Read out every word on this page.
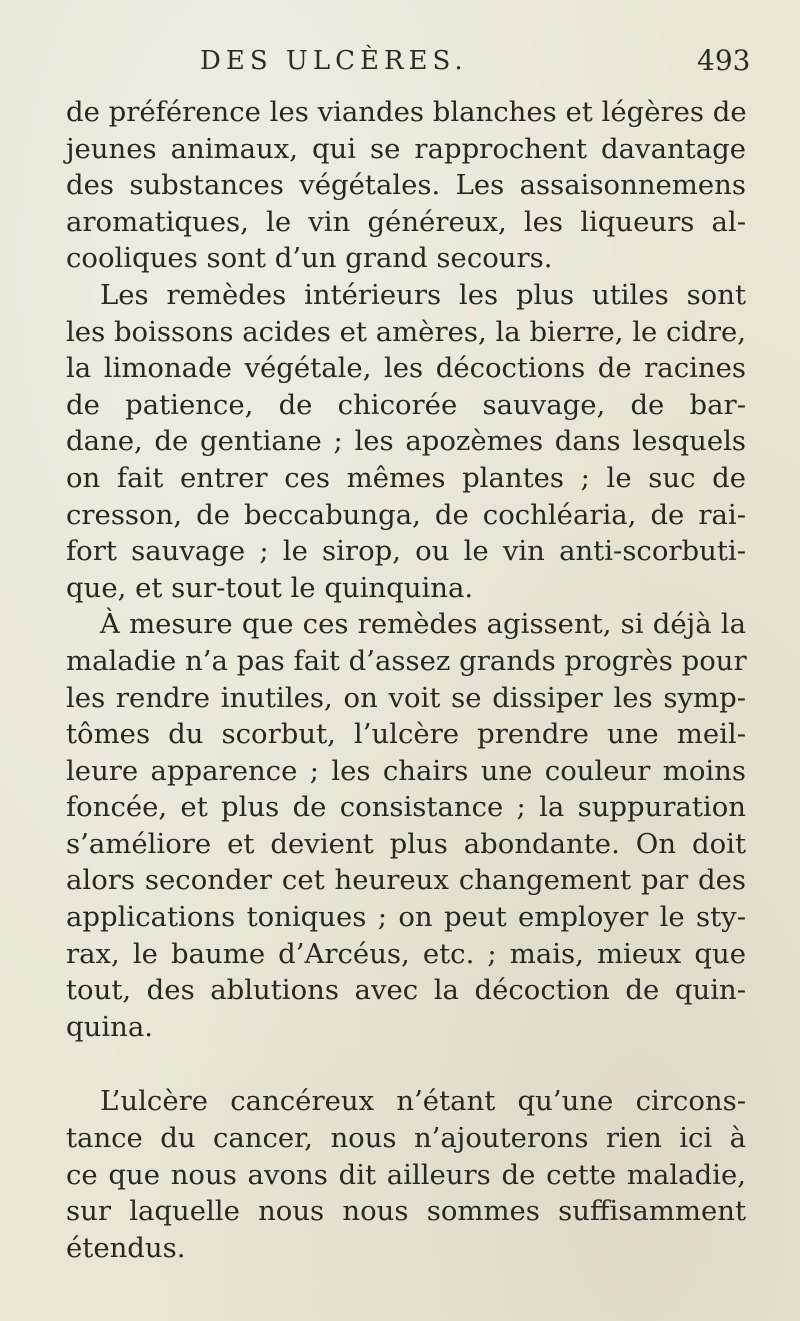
DES ULCÈRES.	493
de préférence les viandes blanches et légères de
jeunes animaux, qui se rapprochent davantage
des substances végétales. Les assaisonnemens
aromatiques, le vin généreux, les liqueurs al-
cooliques sont d’un grand secours.
Les remèdes intérieurs les plus utiles sont
les boissons acides et amères, la bierre, le cidre,
la limonade végétale, les décoctions de racines
de patience, de chicorée sauvage, de bar-
dane, de gentiane ; les apozèmes dans lesquels
on fait entrer ces mêmes plantes ; le suc de
cresson, de beccabunga, de cochléaria, de rai-
fort sauvage ; le sirop, ou le vin anti-scorbuti-
que, et sur-tout le quinquina.
À mesure que ces remèdes agissent, si déjà la
maladie n’a pas fait d’assez grands progrès pour
les rendre inutiles, on voit se dissiper les symp-
tômes du scorbut, l’ulcère prendre une meil-
leure apparence ; les chairs une couleur moins
foncée, et plus de consistance ; la suppuration
s’améliore et devient plus abondante. On doit
alors seconder cet heureux changement par des
applications toniques ; on peut employer le sty-
rax, le baume d’Arcéus, etc. ; mais, mieux que
tout, des ablutions avec la décoction de quin-
quina.
L’ulcère cancéreux n’étant qu’une circons-
tance du cancer, nous n’ajouterons rien ici à
ce que nous avons dit ailleurs de cette maladie,
sur laquelle nous nous sommes suffisamment
étendus.
